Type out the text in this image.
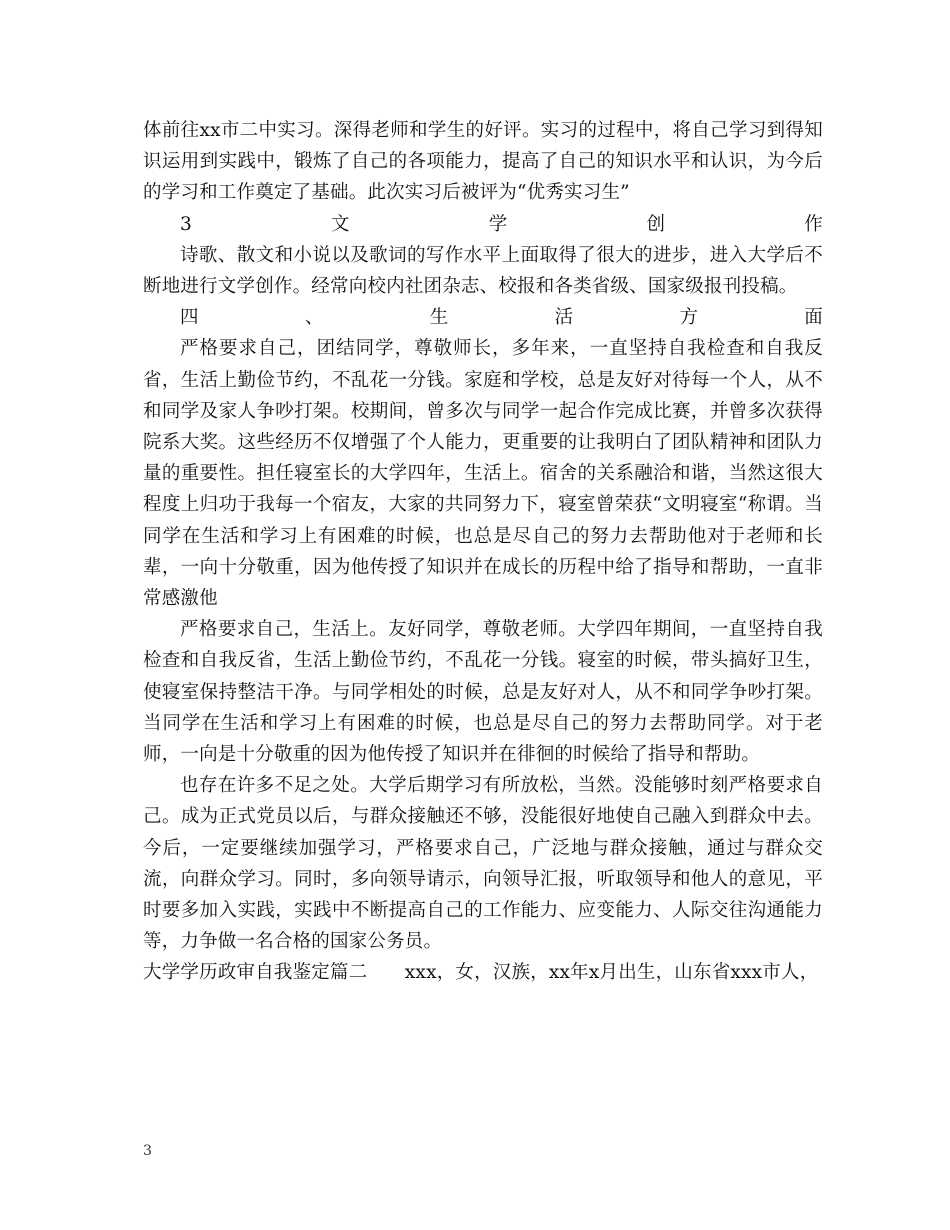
体前往xx市二中实习。深得老师和学生的好评。实习的过程中，将自己学习到得知识运用到实践中，锻炼了自己的各项能力，提高了自己的知识水平和认识，为今后的学习和工作奠定了基础。此次实习后被评为“优秀实习生”

3文学创作

诗歌、散文和小说以及歌词的写作水平上面取得了很大的进步，进入大学后不断地进行文学创作。经常向校内社团杂志、校报和各类省级、国家级报刊投稿。

四、生活方面

严格要求自己，团结同学，尊敬师长，多年来，一直坚持自我检查和自我反省，生活上勤俭节约，不乱花一分钱。家庭和学校，总是友好对待每一个人，从不和同学及家人争吵打架。校期间，曾多次与同学一起合作完成比赛，并曾多次获得院系大奖。这些经历不仅增强了个人能力，更重要的让我明白了团队精神和团队力量的重要性。担任寝室长的大学四年，生活上。宿舍的关系融洽和谐，当然这很大程度上归功于我每一个宿友，大家的共同努力下，寝室曾荣获“文明寝室“称谓。当同学在生活和学习上有困难的时候，也总是尽自己的努力去帮助他对于老师和长辈，一向十分敬重，因为他传授了知识并在成长的历程中给了指导和帮助，一直非常感激他

严格要求自己，生活上。友好同学，尊敬老师。大学四年期间，一直坚持自我检查和自我反省，生活上勤俭节约，不乱花一分钱。寝室的时候，带头搞好卫生，使寝室保持整洁干净。与同学相处的时候，总是友好对人，从不和同学争吵打架。当同学在生活和学习上有困难的时候，也总是尽自己的努力去帮助同学。对于老师，一向是十分敬重的因为他传授了知识并在徘徊的时候给了指导和帮助。

也存在许多不足之处。大学后期学习有所放松，当然。没能够时刻严格要求自己。成为正式党员以后，与群众接触还不够，没能很好地使自己融入到群众中去。今后，一定要继续加强学习，严格要求自己，广泛地与群众接触，通过与群众交流，向群众学习。同时，多向领导请示，向领导汇报，听取领导和他人的意见，平时要多加入实践，实践中不断提高自己的工作能力、应变能力、人际交往沟通能力等，力争做一名合格的国家公务员。

大学学历政审自我鉴定篇二　　xxx，女，汉族，xx年x月出生，山东省xxx市人，

3
